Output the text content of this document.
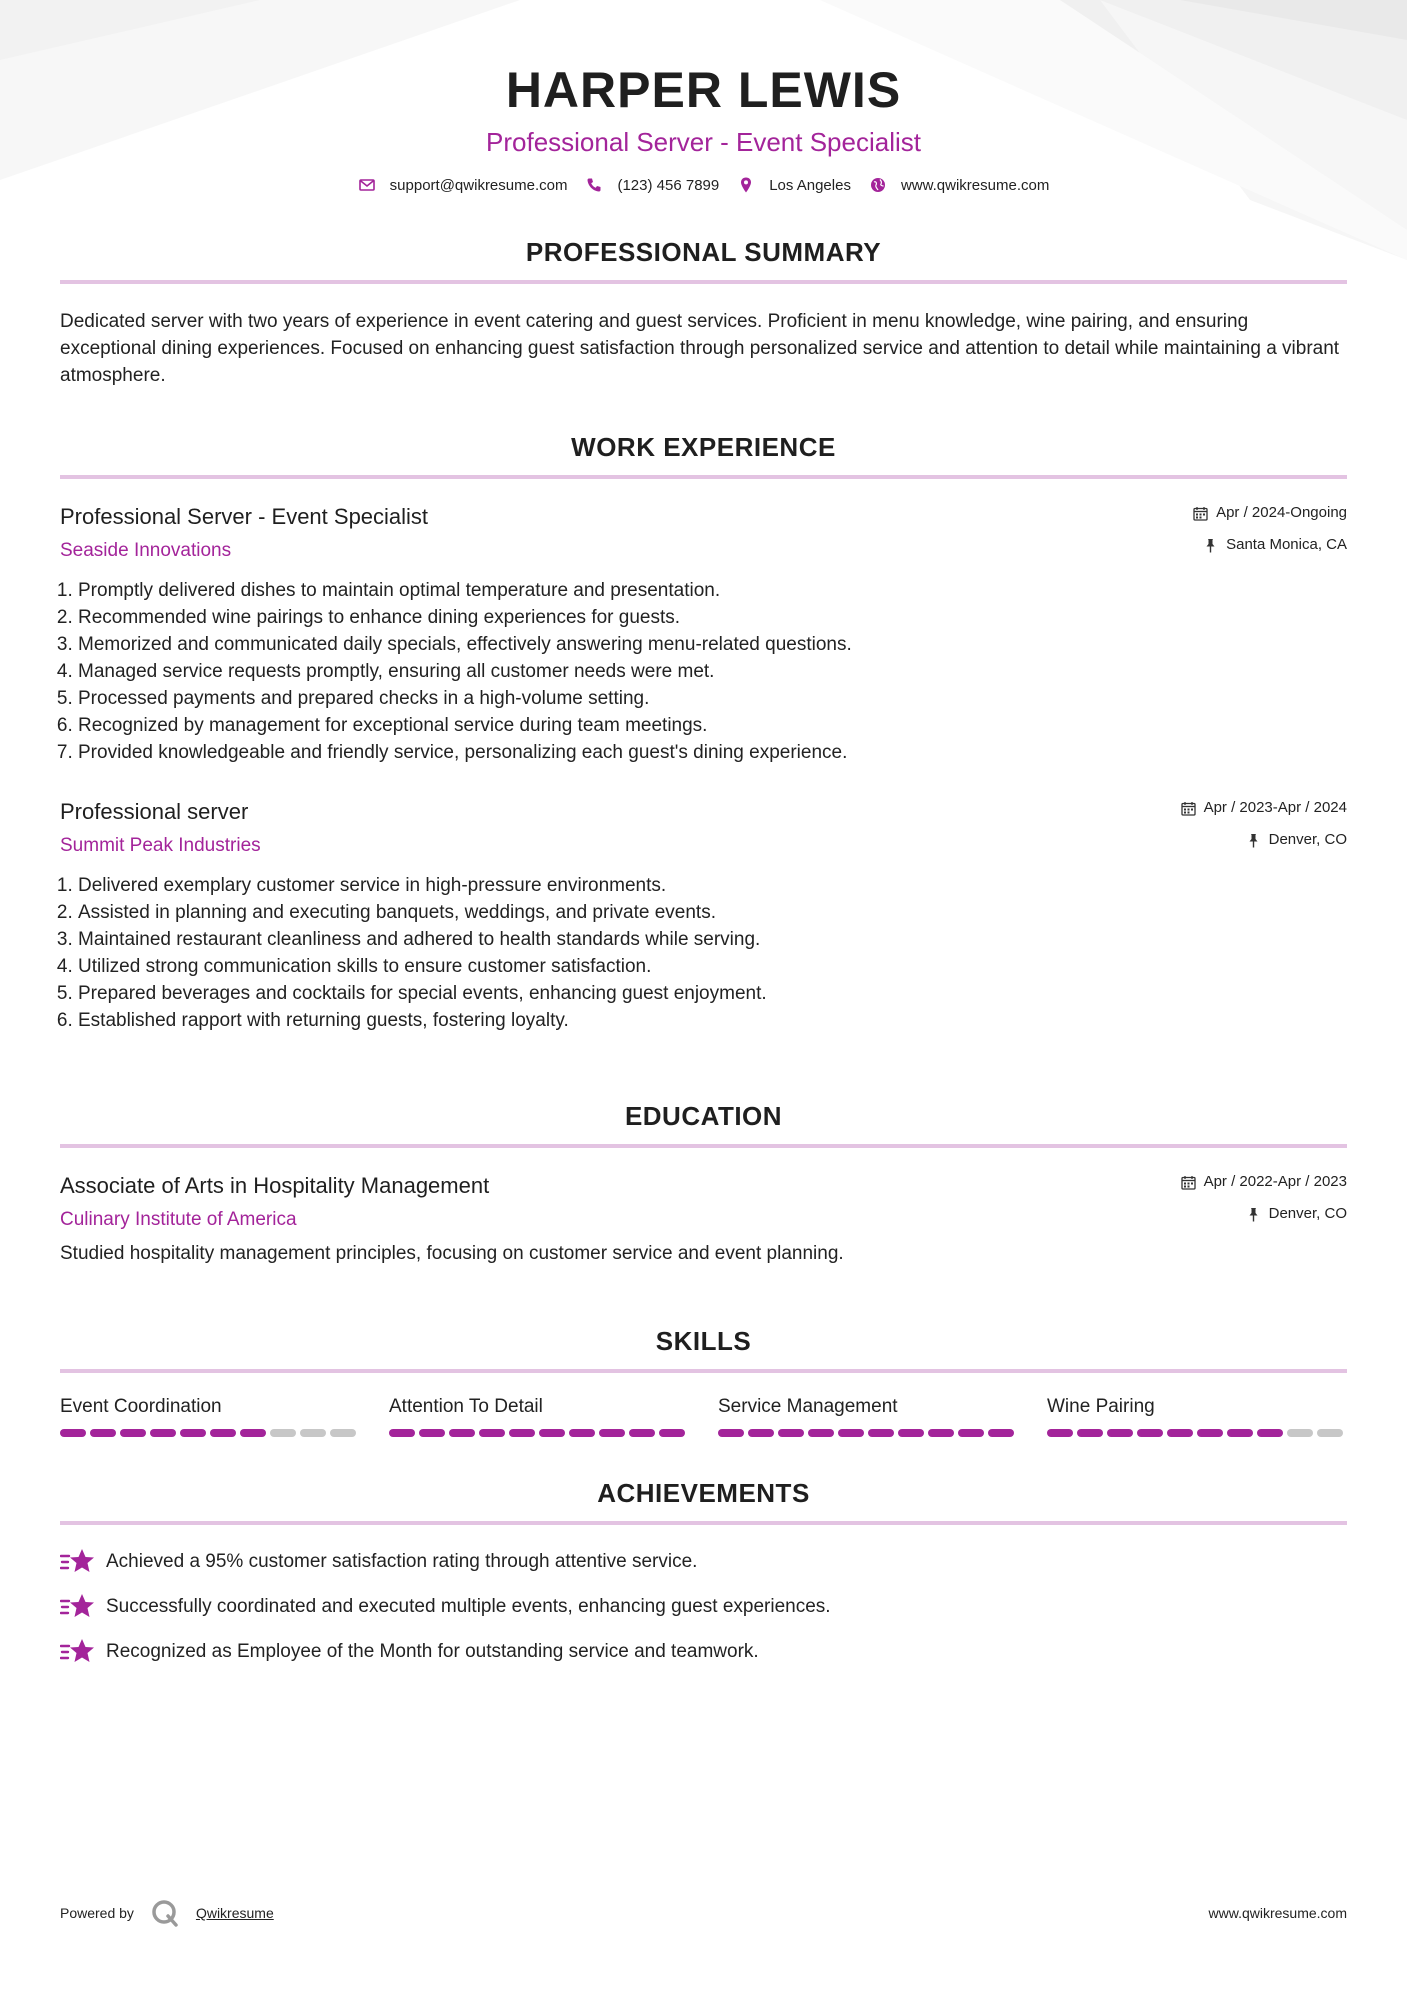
HARPER LEWIS
Professional Server - Event Specialist
support@qwikresume.com	(123) 456 7899	Los Angeles	www.qwikresume.com
PROFESSIONAL SUMMARY

Dedicated server with two years of experience in event catering and guest services. Proficient in menu knowledge, wine pairing, and ensuring exceptional dining experiences. Focused on enhancing guest satisfaction through personalized service and attention to detail while maintaining a vibrant atmosphere.

WORK EXPERIENCE
Professional Server - Event Specialist
Seaside Innovations
Apr / 2024-Ongoing
Santa Monica, CA
1. Promptly delivered dishes to maintain optimal temperature and presentation.
2. Recommended wine pairings to enhance dining experiences for guests.
3. Memorized and communicated daily specials, effectively answering menu-related questions.
4. Managed service requests promptly, ensuring all customer needs were met.
5. Processed payments and prepared checks in a high-volume setting.
6. Recognized by management for exceptional service during team meetings.
7. Provided knowledgeable and friendly service, personalizing each guest's dining experience.
Professional server
Summit Peak Industries
Apr / 2023-Apr / 2024
Denver, CO
1. Delivered exemplary customer service in high-pressure environments.
2. Assisted in planning and executing banquets, weddings, and private events.
3. Maintained restaurant cleanliness and adhered to health standards while serving.
4. Utilized strong communication skills to ensure customer satisfaction.
5. Prepared beverages and cocktails for special events, enhancing guest enjoyment.
6. Established rapport with returning guests, fostering loyalty.
EDUCATION
Associate of Arts in Hospitality Management
Culinary Institute of America
Apr / 2022-Apr / 2023
Denver, CO
Studied hospitality management principles, focusing on customer service and event planning.
SKILLS
Event Coordination	Attention To Detail	Service Management	Wine Pairing
ACHIEVEMENTS
Achieved a 95% customer satisfaction rating through attentive service.
Successfully coordinated and executed multiple events, enhancing guest experiences.
Recognized as Employee of the Month for outstanding service and teamwork.
Powered by	Qwikresume	www.qwikresume.com
